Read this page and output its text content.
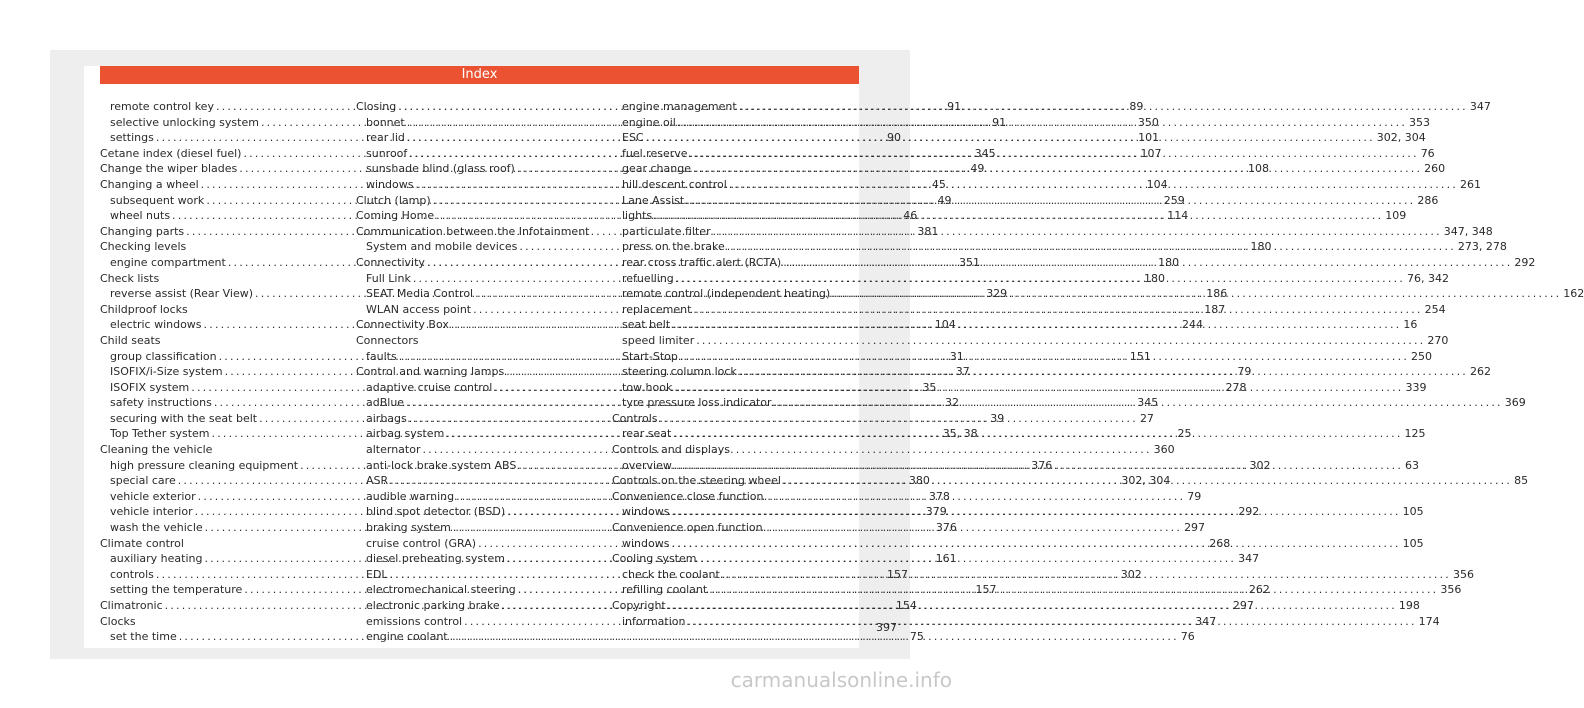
Index
remote control key .....	91
selective unlocking system .....	91
settings .....	90
Cetane index (diesel fuel) .....	345
Change the wiper blades .....	49
Changing a wheel .....	45
subsequent work .....	49
wheel nuts .....	46
Changing parts .....	381
Checking levels
engine compartment .....	351
Check lists
reverse assist (Rear View) .....	329
Childproof locks
electric windows .....	104
Child seats
group classification .....	31
ISOFIX/i-Size system .....	37
ISOFIX system .....	35
safety instructions .....	32
securing with the seat belt .....	39
Top Tether system .....	35, 38
Cleaning the vehicle
high pressure cleaning equipment .....	376
special care .....	380
vehicle exterior .....	378
vehicle interior .....	379
wash the vehicle .....	376
Climate control
auxiliary heating .....	161
controls .....	157
setting the temperature .....	157
Climatronic .....	154
Clocks
set the time .....	75
Closing .....	89
bonnet .....	350
rear lid .....	101
sunroof .....	107
sunshade blind (glass roof) .....	108
windows .....	104
Clutch (lamp) .....	259
Coming Home .....	114
Communication between the Infotainment
System and mobile devices .....	180
Connectivity .....	180
Full Link .....	180
SEAT Media Control .....	186
WLAN access point .....	187
Connectivity Box .....	244
Connectors
faults .....	151
Control and warning lamps .....	79
adaptive cruise control .....	278
adBlue .....	345
airbags .....	27
airbag system .....	25
alternator .....	360
anti-lock brake system ABS .....	302
ASR .....	302, 304
audible warning .....	79
blind spot detector (BSD) .....	292
braking system .....	297
cruise control (GRA) .....	268
diesel preheating system .....	347
EDL .....	302
electromechanical steering .....	262
electronic parking brake .....	297
emissions control .....	347
engine coolant .....	76
engine management .....	347
engine oil .....	353
ESC .....	302, 304
fuel reserve .....	76
gear change .....	260
hill descent control .....	261
Lane Assist .....	286
lights .....	109
particulate filter .....	347, 348
press on the brake .....	273, 278
rear cross traffic alert (RCTA) .....	292
refuelling .....	76, 342
remote control (independent heating) .....	162
replacement .....	254
seat belt .....	16
speed limiter .....	270
Start-Stop .....	250
steering column lock .....	262
tow hook .....	339
tyre pressure loss indicator .....	369
Controls
rear seat .....	125
Controls and displays
overview .....	63
Controls on the steering wheel .....	85
Convenience close function
windows .....	105
Convenience open function
windows .....	105
Cooling system
check the coolant .....	356
refilling coolant .....	356
Copyright .....	198
information .....	174
397
carmanualsonline.info
